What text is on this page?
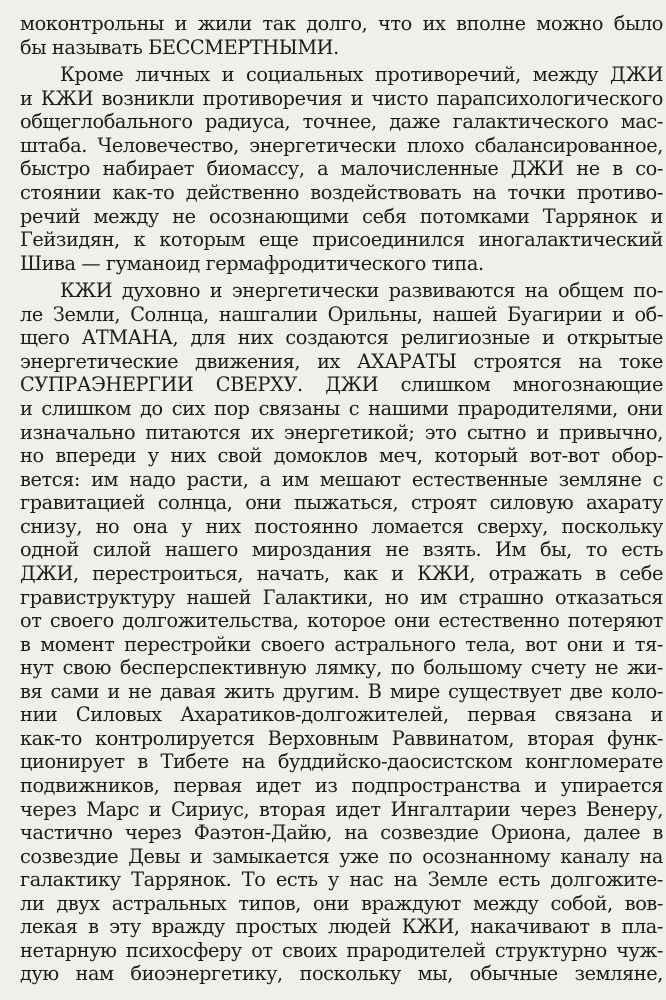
моконтрольны и жили так долго, что их вполне можно было
бы называть БЕССМЕРТНЫМИ.
Кроме личных и социальных противоречий, между ДЖИ
и КЖИ возникли противоречия и чисто парапсихологического
общеглобального радиуса, точнее, даже галактического мас-
штаба. Человечество, энергетически плохо сбалансированное,
быстро набирает биомассу, а малочисленные ДЖИ не в со-
стоянии как-то действенно воздействовать на точки противо-
речий между не осознающими себя потомками Таррянок и
Гейзидян, к которым еще присоединился иногалактический
Шива — гуманоид гермафродитического типа.
КЖИ духовно и энергетически развиваются на общем по-
ле Земли, Солнца, нашгалии Орильны, нашей Буагирии и об-
щего АТМАНА, для них создаются религиозные и открытые
энергетические движения, их АХАРАТЫ строятся на токе
СУПРАЭНЕРГИИ СВЕРХУ. ДЖИ слишком многознающие
и слишком до сих пор связаны с нашими прародителями, они
изначально питаются их энергетикой; это сытно и привычно,
но впереди у них свой домоклов меч, который вот-вот обор-
вется: им надо расти, а им мешают естественные земляне с
гравитацией солнца, они пыжаться, строят силовую ахарату
снизу, но она у них постоянно ломается сверху, поскольку
одной силой нашего мироздания не взять. Им бы, то есть
ДЖИ, перестроиться, начать, как и КЖИ, отражать в себе
гравиструктуру нашей Галактики, но им страшно отказаться
от своего долгожительства, которое они естественно потеряют
в момент перестройки своего астрального тела, вот они и тя-
нут свою бесперспективную лямку, по большому счету не жи-
вя сами и не давая жить другим. В мире существует две коло-
нии Силовых Ахаратиков-долгожителей, первая связана и
как-то контролируется Верховным Раввинатом, вторая функ-
ционирует в Тибете на буддийско-даосистском конгломерате
подвижников, первая идет из подпространства и упирается
через Марс и Сириус, вторая идет Ингалтарии через Венеру,
частично через Фаэтон-Дайю, на созвездие Ориона, далее в
созвездие Девы и замыкается уже по осознанному каналу на
галактику Таррянок. То есть у нас на Земле есть долгожите-
ли двух астральных типов, они враждуют между собой, вов-
лекая в эту вражду простых людей КЖИ, накачивают в пла-
нетарную психосферу от своих прародителей структурно чуж-
дую нам биоэнергетику, поскольку мы, обычные земляне,
